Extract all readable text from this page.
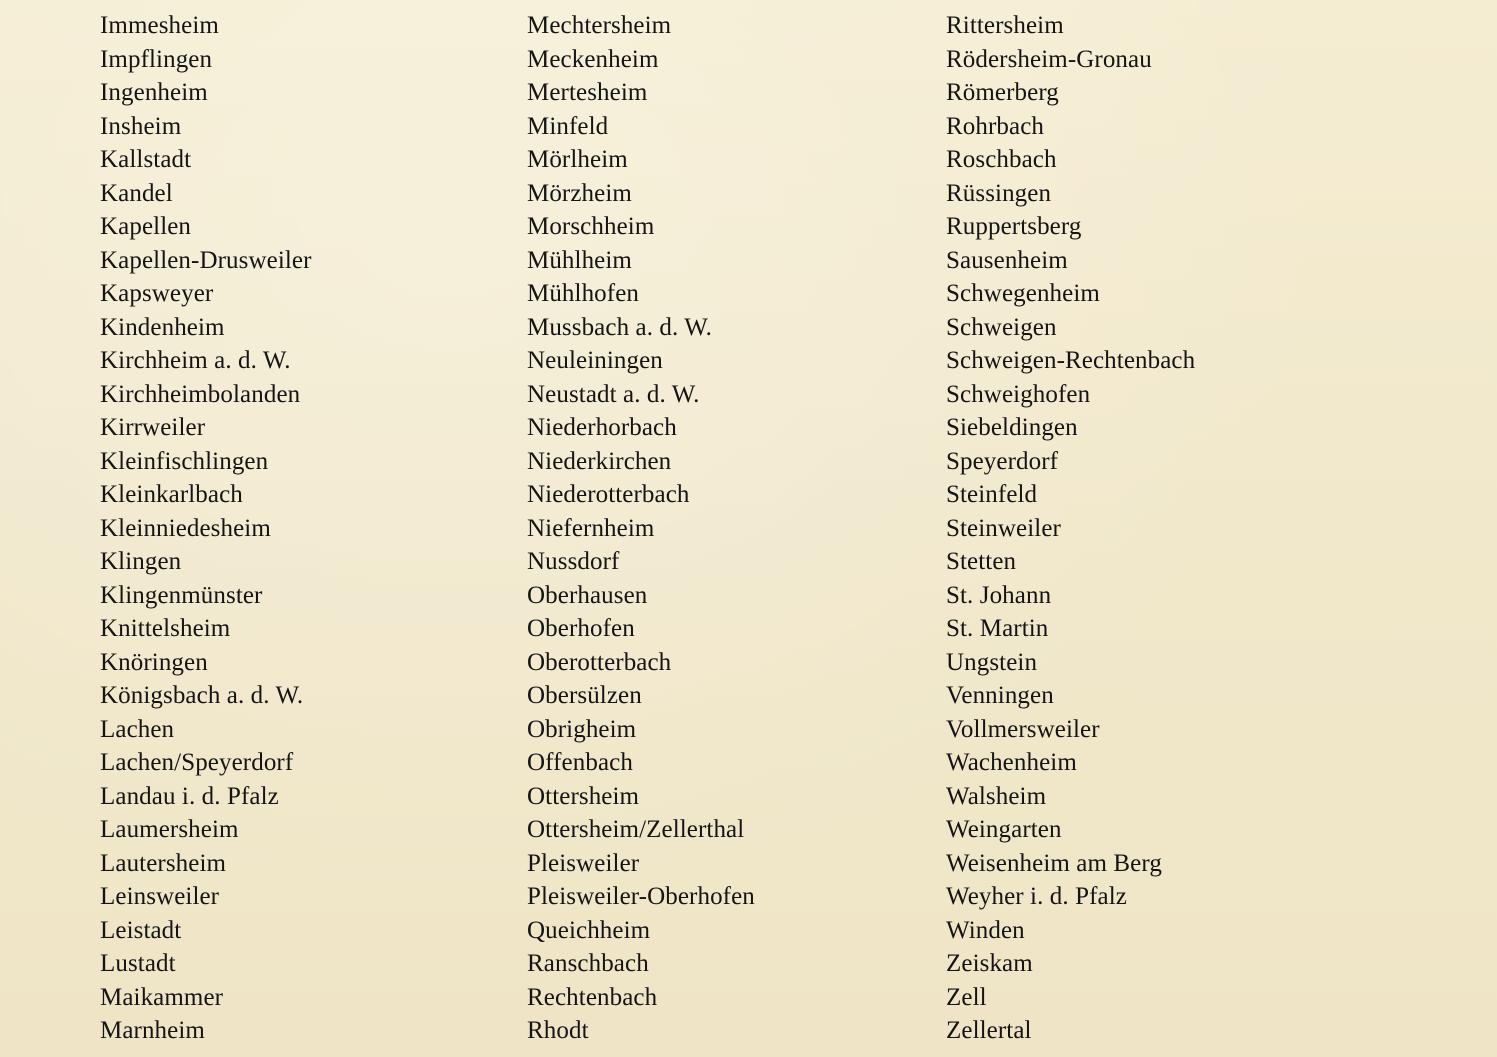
Immesheim
Impflingen
Ingenheim
Insheim
Kallstadt
Kandel
Kapellen
Kapellen-Drusweiler
Kapsweyer
Kindenheim
Kirchheim a. d. W.
Kirchheimbolanden
Kirrweiler
Kleinfischlingen
Kleinkarlbach
Kleinniedesheim
Klingen
Klingenmünster
Knittelsheim
Knöringen
Königsbach a. d. W.
Lachen
Lachen/Speyerdorf
Landau i. d. Pfalz
Laumersheim
Lautersheim
Leinsweiler
Leistadt
Lustadt
Maikammer
Marnheim
Mechtersheim
Meckenheim
Mertesheim
Minfeld
Mörlheim
Mörzheim
Morschheim
Mühlheim
Mühlhofen
Mussbach a. d. W.
Neuleiningen
Neustadt a. d. W.
Niederhorbach
Niederkirchen
Niederotterbach
Niefernheim
Nussdorf
Oberhausen
Oberhofen
Oberotterbach
Obersülzen
Obrigheim
Offenbach
Ottersheim
Ottersheim/Zellerthal
Pleisweiler
Pleisweiler-Oberhofen
Queichheim
Ranschbach
Rechtenbach
Rhodt
Rittersheim
Rödersheim-Gronau
Römerberg
Rohrbach
Roschbach
Rüssingen
Ruppertsberg
Sausenheim
Schwegenheim
Schweigen
Schweigen-Rechtenbach
Schweighofen
Siebeldingen
Speyerdorf
Steinfeld
Steinweiler
Stetten
St. Johann
St. Martin
Ungstein
Venningen
Vollmersweiler
Wachenheim
Walsheim
Weingarten
Weisenheim am Berg
Weyher i. d. Pfalz
Winden
Zeiskam
Zell
Zellertal
